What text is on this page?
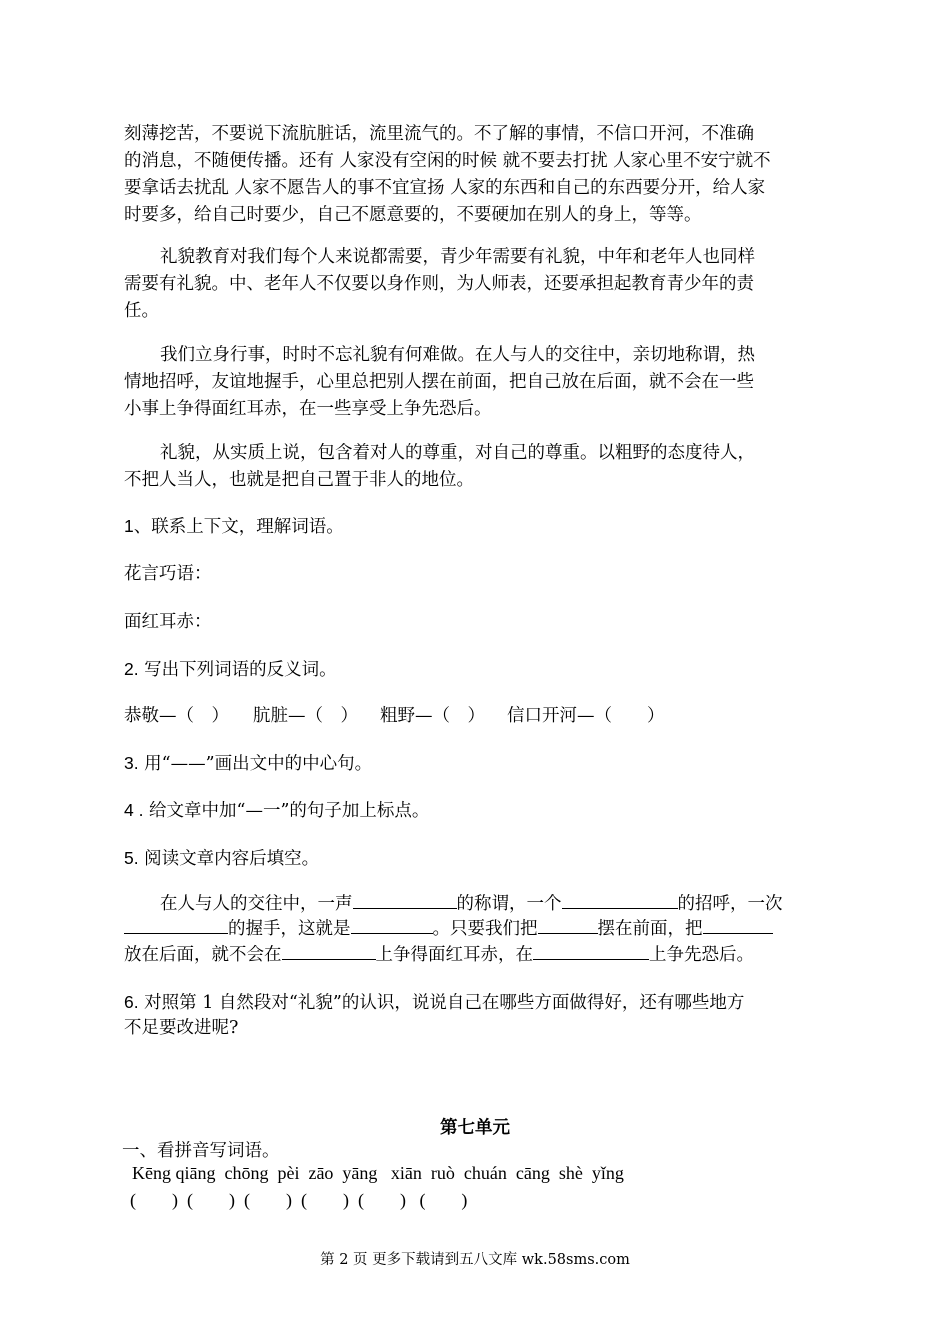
刻薄挖苦，不要说下流肮脏话，流里流气的。不了解的事情，不信口开河，不准确
的消息，不随便传播。还有 人家没有空闲的时候 就不要去打扰 人家心里不安宁就不
要拿话去扰乱 人家不愿告人的事不宜宣扬 人家的东西和自己的东西要分开，给人家
时要多，给自己时要少，自己不愿意要的，不要硬加在别人的身上，等等。
礼貌教育对我们每个人来说都需要，青少年需要有礼貌，中年和老年人也同样
需要有礼貌。中、老年人不仅要以身作则，为人师表，还要承担起教育青少年的责
任。
我们立身行事，时时不忘礼貌有何难做。在人与人的交往中，亲切地称谓，热
情地招呼，友谊地握手，心里总把别人摆在前面，把自己放在后面，就不会在一些
小事上争得面红耳赤，在一些享受上争先恐后。
礼貌，从实质上说，包含着对人的尊重，对自己的尊重。以粗野的态度待人，
不把人当人，也就是把自己置于非人的地位。
1、联系上下文，理解词语。
花言巧语：
面红耳赤：
2. 写出下列词语的反义词。
恭敬—（　） 肮脏—（　） 粗野—（　） 信口开河—（　　）
3. 用“——”画出文中的中心句。
4 . 给文章中加“—一”的句子加上标点。
5. 阅读文章内容后填空。
在人与人的交往中，一声	的称谓，一个	的招呼，一次
的握手，这就是	。只要我们把	摆在前面，把
放在后面，就不会在	上争得面红耳赤，在	上争先恐后。
6. 对照第 1 自然段对“礼貌”的认识，说说自己在哪些方面做得好，还有哪些地方
不足要改进呢?
第七单元
一、看拼音写词语。
Kēng qiāng  chōng  pèi  zāo  yāng   xiān  ruò  chuán  cāng  shè  yǐng
(        )  (        )  (        )  (        )  (        )   (        )
第 2 页 更多下载请到五八文库 wk.58sms.com
